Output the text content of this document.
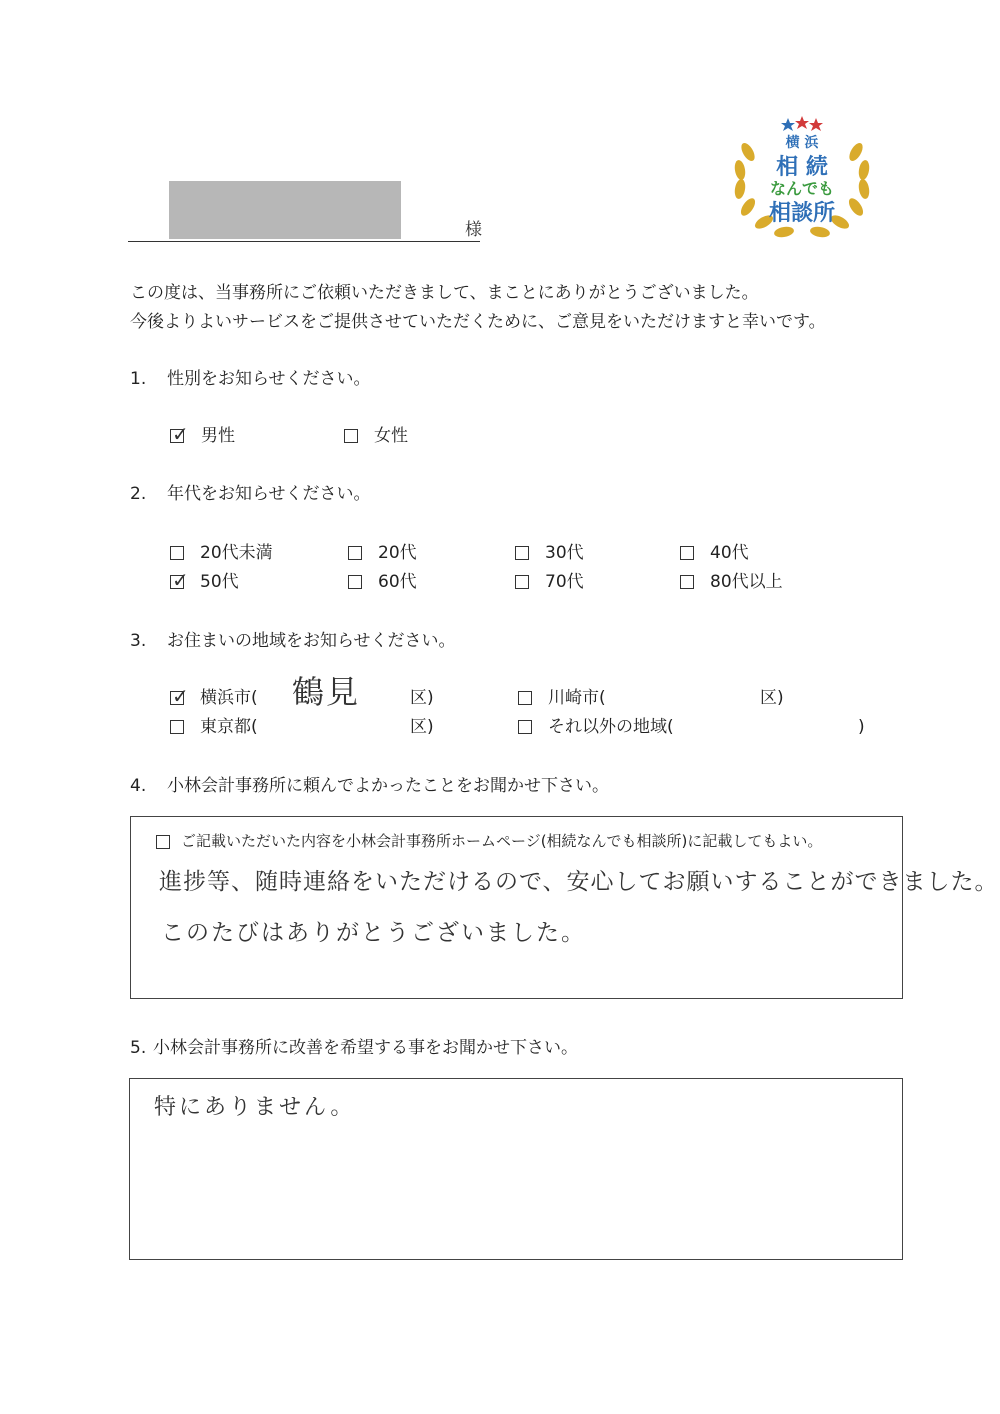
様
横 浜
相 続
なんでも
相談所
この度は、当事務所にご依頼いただきまして、まことにありがとうございました。
今後よりよいサービスをご提供させていただくために、ご意見をいただけますと幸いです。
1. 性別をお知らせください。
✓ 男性	女性
2. 年代をお知らせください。
20代未満	20代	30代	40代
✓ 50代	60代	70代	80代以上
3. お住まいの地域をお知らせください。
✓ 横浜市( 鶴見	区)	川崎市(	区)
東京都(	区)	それ以外の地域(	)
4. 小林会計事務所に頼んでよかったことをお聞かせ下さい。
ご記載いただいた内容を小林会計事務所ホームページ(相続なんでも相談所)に記載してもよい。
進捗等、随時連絡をいただけるので、安心してお願いすることができました。
このたびはありがとうございました。
5. 小林会計事務所に改善を希望する事をお聞かせ下さい。
特にありません。
